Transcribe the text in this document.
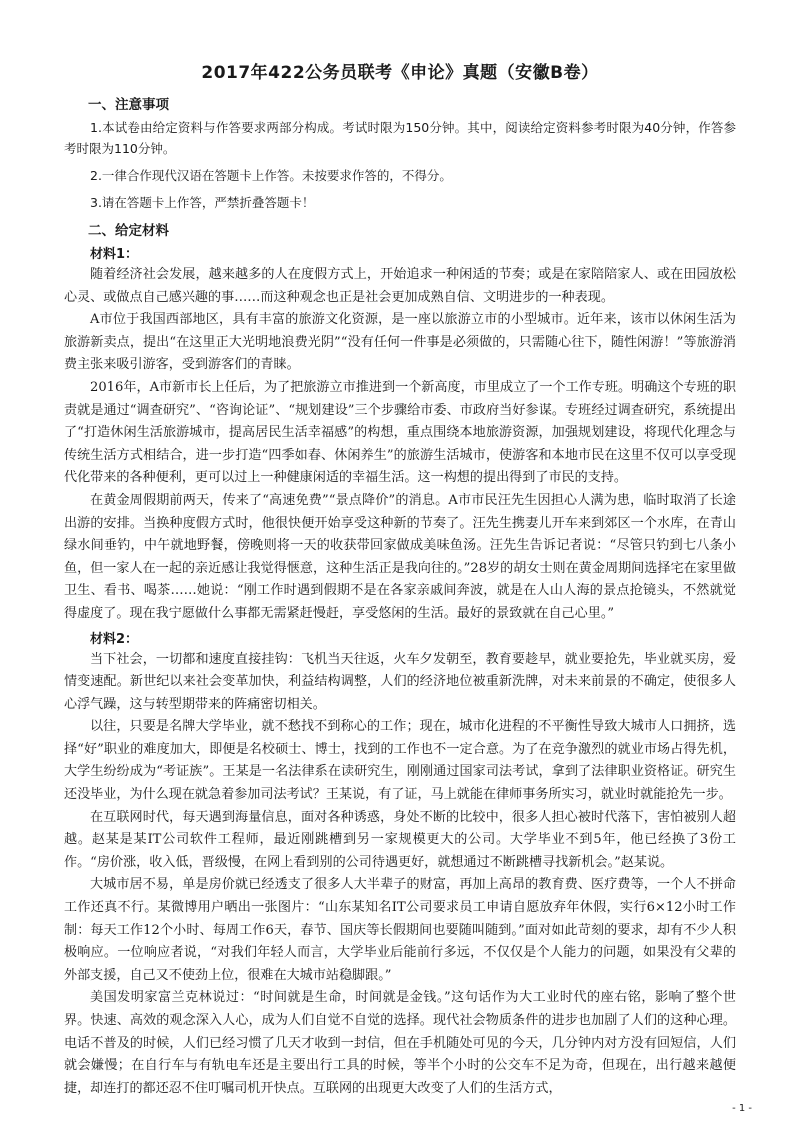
2017年422公务员联考《申论》真题（安徽B卷）
一、注意事项

1.本试卷由给定资料与作答要求两部分构成。考试时限为150分钟。其中，阅读给定资料参考时限为40分钟，作答参考时限为110分钟。

2.一律合作现代汉语在答题卡上作答。未按要求作答的，不得分。

3.请在答题卡上作答，严禁折叠答题卡！

二、给定材料
材料1：

随着经济社会发展，越来越多的人在度假方式上，开始追求一种闲适的节奏；或是在家陪陪家人、或在田园放松心灵、或做点自己感兴趣的事……而这种观念也正是社会更加成熟自信、文明进步的一种表现。

A市位于我国西部地区，具有丰富的旅游文化资源，是一座以旅游立市的小型城市。近年来，该市以休闲生活为旅游新卖点，提出“在这里正大光明地浪费光阴”“没有任何一件事是必须做的，只需随心往下，随性闲游！”等旅游消费主张来吸引游客，受到游客们的青睐。

2016年，A市新市长上任后，为了把旅游立市推进到一个新高度，市里成立了一个工作专班。明确这个专班的职责就是通过“调查研究”、“咨询论证”、“规划建设”三个步骤给市委、市政府当好参谋。专班经过调查研究，系统提出了“打造休闲生活旅游城市，提高居民生活幸福感”的构想，重点围绕本地旅游资源，加强规划建设，将现代化理念与传统生活方式相结合，进一步打造“四季如春、休闲养生”的旅游生活城市，使游客和本地市民在这里不仅可以享受现代化带来的各种便利，更可以过上一种健康闲适的幸福生活。这一构想的提出得到了市民的支持。

在黄金周假期前两天，传来了“高速免费”“景点降价”的消息。A市市民汪先生因担心人满为患，临时取消了长途出游的安排。当换种度假方式时，他很快便开始享受这种新的节奏了。汪先生携妻儿开车来到郊区一个水库，在青山绿水间垂钓，中午就地野餐，傍晚则将一天的收获带回家做成美味鱼汤。汪先生告诉记者说：“尽管只钓到七八条小鱼，但一家人在一起的亲近感让我觉得惬意，这种生活正是我向往的。”28岁的胡女士则在黄金周期间选择宅在家里做卫生、看书、喝茶……她说：“刚工作时遇到假期不是在各家亲戚间奔波，就是在人山人海的景点抢镜头，不然就觉得虚度了。现在我宁愿做什么事都无需紧赶慢赶，享受悠闲的生活。最好的景致就在自己心里。”

材料2：

当下社会，一切都和速度直接挂钩：飞机当天往返，火车夕发朝至，教育要趁早，就业要抢先，毕业就买房，爱情变速配。新世纪以来社会变革加快，利益结构调整，人们的经济地位被重新洗牌，对未来前景的不确定，使很多人心浮气躁，这与转型期带来的阵痛密切相关。

以往，只要是名牌大学毕业，就不愁找不到称心的工作；现在，城市化进程的不平衡性导致大城市人口拥挤，选择“好”职业的难度加大，即便是名校硕士、博士，找到的工作也不一定合意。为了在竞争激烈的就业市场占得先机，大学生纷纷成为“考证族”。王某是一名法律系在读研究生，刚刚通过国家司法考试，拿到了法律职业资格证。研究生还没毕业，为什么现在就急着参加司法考试？王某说，有了证，马上就能在律师事务所实习，就业时就能抢先一步。

在互联网时代，每天遇到海量信息，面对各种诱惑，身处不断的比较中，很多人担心被时代落下，害怕被别人超越。赵某是某IT公司软件工程师，最近刚跳槽到另一家规模更大的公司。大学毕业不到5年，他已经换了3份工作。“房价涨，收入低，晋级慢，在网上看到别的公司待遇更好，就想通过不断跳槽寻找新机会。”赵某说。

大城市居不易，单是房价就已经透支了很多人大半辈子的财富，再加上高昂的教育费、医疗费等，一个人不拼命工作还真不行。某微博用户晒出一张图片：“山东某知名IT公司要求员工申请自愿放弃年休假，实行6×12小时工作制：每天工作12个小时、每周工作6天，春节、国庆等长假期间也要随叫随到。”面对如此苛刻的要求，却有不少人积极响应。一位响应者说，“对我们年轻人而言，大学毕业后能前行多远，不仅仅是个人能力的问题，如果没有父辈的外部支援，自己又不使劲上位，很难在大城市站稳脚跟。”

美国发明家富兰克林说过：“时间就是生命，时间就是金钱。”这句话作为大工业时代的座右铭，影响了整个世界。快速、高效的观念深入人心，成为人们自觉不自觉的选择。现代社会物质条件的进步也加剧了人们的这种心理。电话不普及的时候，人们已经习惯了几天才收到一封信，但在手机随处可见的今天，几分钟内对方没有回短信，人们就会嫌慢；在自行车与有轨电车还是主要出行工具的时候，等半个小时的公交车不足为奇，但现在，出行越来越便捷，却连打的都还忍不住叮嘱司机开快点。互联网的出现更大改变了人们的生活方式，

- 1 -
